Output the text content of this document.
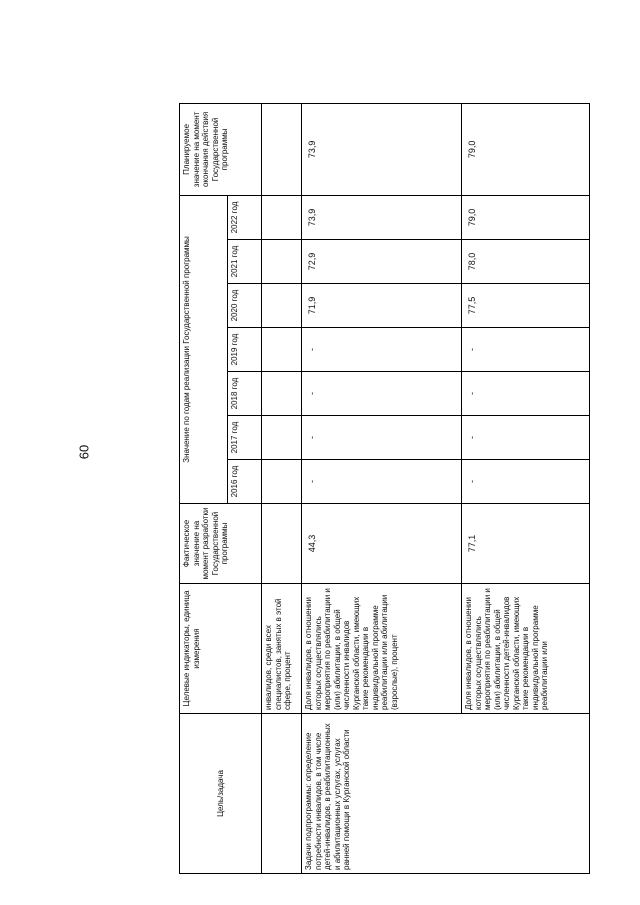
60
Цель/задача	Целевые индикаторы, единица измерения	Фактическое значение на момент разработки Государственной программы	Значение по годам реализации Государственной программы							Планируемое значение на момент окончания действия Государственной программы
			2016 год	2017 год	2018 год	2019 год	2020 год	2021 год	2022 год	
	инвалидов, среди всех специалистов, занятых в этой сфере, процент									
Задачи подпрограммы: определение потребности инвалидов, в том числе детей-инвалидов, в реабилитационных и абилитационных услугах, услугах ранней помощи в Курганской области	Доля инвалидов, в отношении которых осуществлялись мероприятия по реабилитации и (или) абилитации, в общей численности инвалидов Курганской области, имеющих такие рекомендации в индивидуальной программе реабилитации или абилитации (взрослые), процент	44,3	-	-	-	-	71,9	72,9	73,9	73,9
	Доля инвалидов, в отношении которых осуществлялись мероприятия по реабилитации и (или) абилитации, в общей численности детей-инвалидов Курганской области, имеющих такие рекомендации в индивидуальной программе реабилитации или	77,1	-	-	-	-	77,5	78,0	79,0	79,0
